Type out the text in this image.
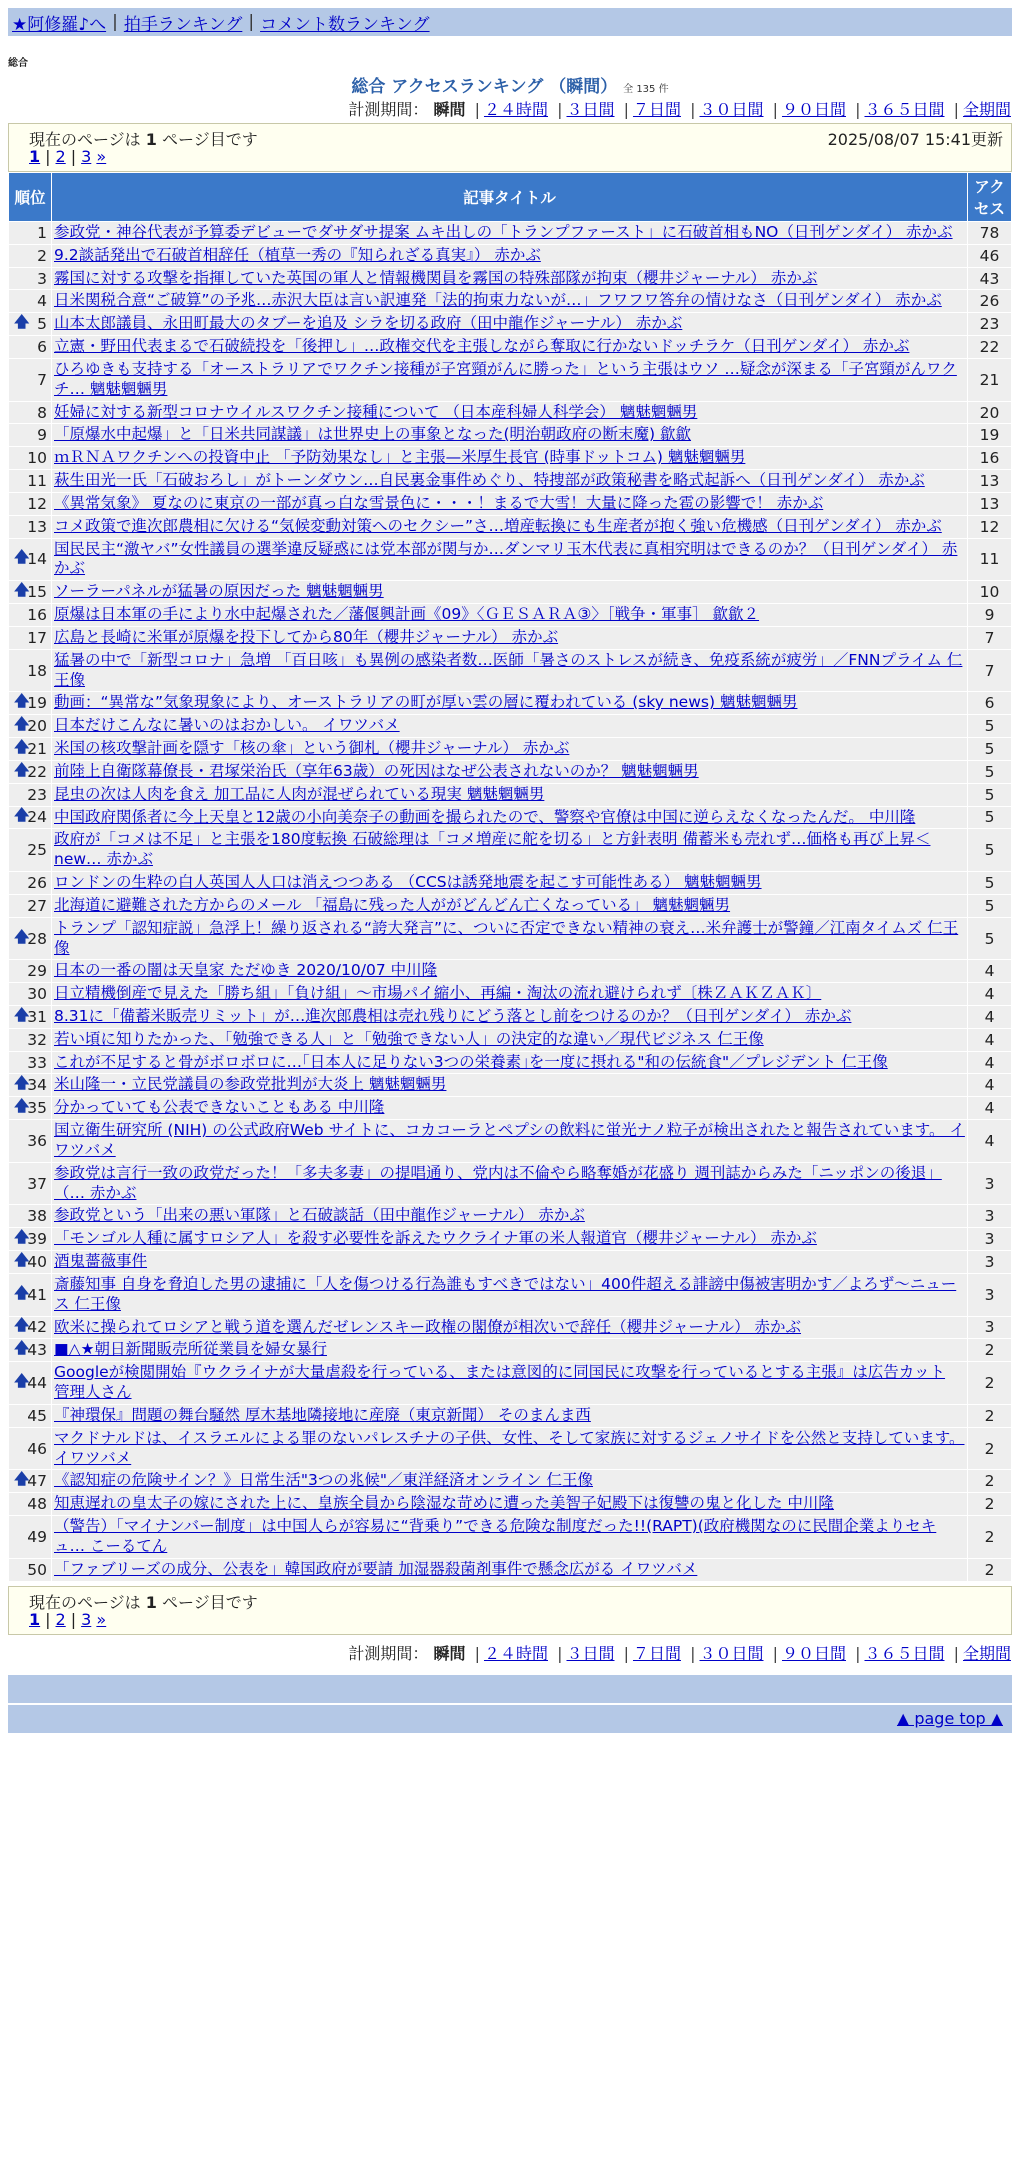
★阿修羅♪へ | 拍手ランキング | コメント数ランキング
総合
総合 アクセスランキング （瞬間） 全 135 件
計測期間： 瞬間 | ２４時間 | ３日間 | ７日間 | ３０日間 | ９０日間 | ３６５日間 | 全期間
現在のページは 1 ページ目です	2025/08/07 15:41更新
1 | 2 | 3 »
順位	記事タイトル	アクセス
1	参政党・神谷代表が予算委デビューでダサダサ提案 ムキ出しの「トランプファースト」に石破首相もNO（日刊ゲンダイ） 赤かぶ	78
2	9.2談話発出で石破首相辞任（植草一秀の『知られざる真実』） 赤かぶ	46
3	霧国に対する攻撃を指揮していた英国の軍人と情報機関員を霧国の特殊部隊が拘束（櫻井ジャーナル） 赤かぶ	43
4	日米関税合意“ご破算”の予兆…赤沢大臣は言い訳連発「法的拘束力ないが…」フワフワ答弁の情けなさ（日刊ゲンダイ） 赤かぶ	26

🡅 5	山本太郎議員、永田町最大のタブーを追及 シラを切る政府（田中龍作ジャーナル） 赤かぶ	23
6	立憲・野田代表まるで石破続投を「後押し」…政権交代を主張しながら奪取に行かないドッチラケ（日刊ゲンダイ） 赤かぶ	22
7	ひろゆきも支持する「オーストラリアでワクチン接種が子宮頸がんに勝った」という主張はウソ …疑念が深まる「子宮頸がんワクチ… 魑魅魍魎男	21
8	妊婦に対する新型コロナウイルスワクチン接種について （日本産科婦人科学会） 魑魅魍魎男	20
9	「原爆水中起爆」と「日米共同謀議」は世界史上の事象となった(明治朝政府の断末魔) 歙歙	19
10	ｍＲＮＡワクチンへの投資中止 「予防効果なし」と主張—米厚生長官 (時事ドットコム) 魑魅魍魎男	16
11	萩生田光一氏「石破おろし」がトーンダウン…自民裏金事件めぐり、特捜部が政策秘書を略式起訴へ（日刊ゲンダイ） 赤かぶ	13
12	《異常気象》 夏なのに東京の一部が真っ白な雪景色に・・・！まるで大雪！大量に降った雹の影響で！ 赤かぶ	13
13	コメ政策で進次郎農相に欠ける“気候変動対策へのセクシー”さ…増産転換にも生産者が抱く強い危機感（日刊ゲンダイ） 赤かぶ	12

🡅
14	国民民主“激ヤバ”女性議員の選挙違反疑惑には党本部が関与か…ダンマリ玉木代表に真相究明はできるのか？（日刊ゲンダイ） 赤かぶ	11

🡅
15	ソーラーパネルが猛暑の原因だった 魑魅魍魎男	10
16	原爆は日本軍の手により水中起爆された／藩偃興計画《09》〈ＧＥＳＡＲＡ③〉［戦争・軍事］ 歙歙２	9
17	広島と長崎に米軍が原爆を投下してから80年（櫻井ジャーナル） 赤かぶ	7
18	猛暑の中で「新型コロナ」急増 「百日咳」も異例の感染者数…医師「暑さのストレスが続き、免疫系統が疲労」／FNNプライム 仁王像	7

🡅
19	動画：“異常な”気象現象により、オーストラリアの町が厚い雲の層に覆われている (sky news) 魑魅魍魎男	6

🡅
20	日本だけこんなに暑いのはおかしい。 イワツバメ	5

🡅
21	米国の核攻撃計画を隠す「核の傘」という御札（櫻井ジャーナル） 赤かぶ	5

🡅
22	前陸上自衛隊幕僚長・君塚栄治氏（享年63歳）の死因はなぜ公表されないのか？ 魑魅魍魎男	5
23	昆虫の次は人肉を食え 加工品に人肉が混ぜられている現実 魑魅魍魎男	5

🡅
24	中国政府関係者に今上天皇と12歳の小向美奈子の動画を撮られたので、警察や官僚は中国に逆らえなくなったんだ。 中川隆	5
25	政府が「コメは不足」と主張を180度転換 石破総理は「コメ増産に舵を切る」と方針表明 備蓄米も売れず…価格も再び上昇＜new… 赤かぶ	5
26	ロンドンの生粋の白人英国人人口は消えつつある （CCSは誘発地震を起こす可能性ある） 魑魅魍魎男	5
27	北海道に避難された方からのメール 「福島に残った人ががどんどん亡くなっている」 魑魅魍魎男	5

🡅
28	トランプ「認知症説」急浮上！繰り返される“誇大発言”に、ついに否定できない精神の衰え…米弁護士が警鐘／江南タイムズ 仁王像	5
29	日本の一番の闇は天皇家 ただゆき 2020/10/07 中川隆	4
30	日立精機倒産で見えた「勝ち組」「負け組」～市場パイ縮小、再編・淘汰の流れ避けられず〔株ＺＡＫＺＡＫ〕	4

🡅
31	8.31に「備蓄米販売リミット」が…進次郎農相は売れ残りにどう落とし前をつけるのか？（日刊ゲンダイ） 赤かぶ	4
32	若い頃に知りたかった、「勉強できる人」と「勉強できない人」の決定的な違い／現代ビジネス 仁王像	4
33	これが不足すると骨がボロボロに…｢日本人に足りない3つの栄養素｣を一度に摂れる"和の伝統食"／プレジデント 仁王像	4

🡅
34	米山隆一・立民党議員の参政党批判が大炎上 魑魅魍魎男	4

🡅
35	分かっていても公表できないこともある 中川隆	4
36	国立衛生研究所 (NIH) の公式政府Web サイトに、コカコーラとペプシの飲料に蛍光ナノ粒子が検出されたと報告されています。 イワツバメ	4
37	参政党は言行一致の政党だった！「多夫多妻」の提唱通り、党内は不倫やら略奪婚が花盛り 週刊誌からみた「ニッポンの後退」（… 赤かぶ	3
38	参政党という「出来の悪い軍隊」と石破談話（田中龍作ジャーナル） 赤かぶ	3

🡅
39	「モンゴル人種に属すロシア人」を殺す必要性を訴えたウクライナ軍の米人報道官（櫻井ジャーナル） 赤かぶ	3

🡅
40	酒鬼薔薇事件	3

🡅
41	斎藤知事 自身を脅迫した男の逮捕に「人を傷つける行為誰もすべきではない」400件超える誹謗中傷被害明かす／よろず～ニュース 仁王像	3

🡅
42	欧米に操られてロシアと戦う道を選んだゼレンスキー政権の閣僚が相次いで辞任（櫻井ジャーナル） 赤かぶ	3

🡅
43	■△★朝日新聞販売所従業員を婦女暴行	2

🡅
44	Googleが検閲開始『ウクライナが大量虐殺を行っている、または意図的に同国民に攻撃を行っているとする主張』は広告カット 管理人さん	2
45	『神環保』問題の舞台騒然 厚木基地隣接地に産廃（東京新聞） そのまんま西	2
46	マクドナルドは、イスラエルによる罪のないパレスチナの子供、女性、そして家族に対するジェノサイドを公然と支持しています。 イワツバメ	2

🡅
47	《認知症の危険サイン？》日常生活"3つの兆候"／東洋経済オンライン 仁王像	2
48	知恵遅れの皇太子の嫁にされた上に、皇族全員から陰湿な苛めに遭った美智子妃殿下は復讐の鬼と化した 中川隆	2
49	（警告）「マイナンバー制度」は中国人らが容易に“背乗り”できる危険な制度だった!!(RAPT)(政府機関なのに民間企業よりセキュ… こーるてん	2
50	「ファブリーズの成分、公表を」韓国政府が要請 加湿器殺菌剤事件で懸念広がる イワツバメ	2
現在のページは 1 ページ目です
1 | 2 | 3 »
計測期間： 瞬間 | ２４時間 | ３日間 | ７日間 | ３０日間 | ９０日間 | ３６５日間 | 全期間
▲ page top ▲
